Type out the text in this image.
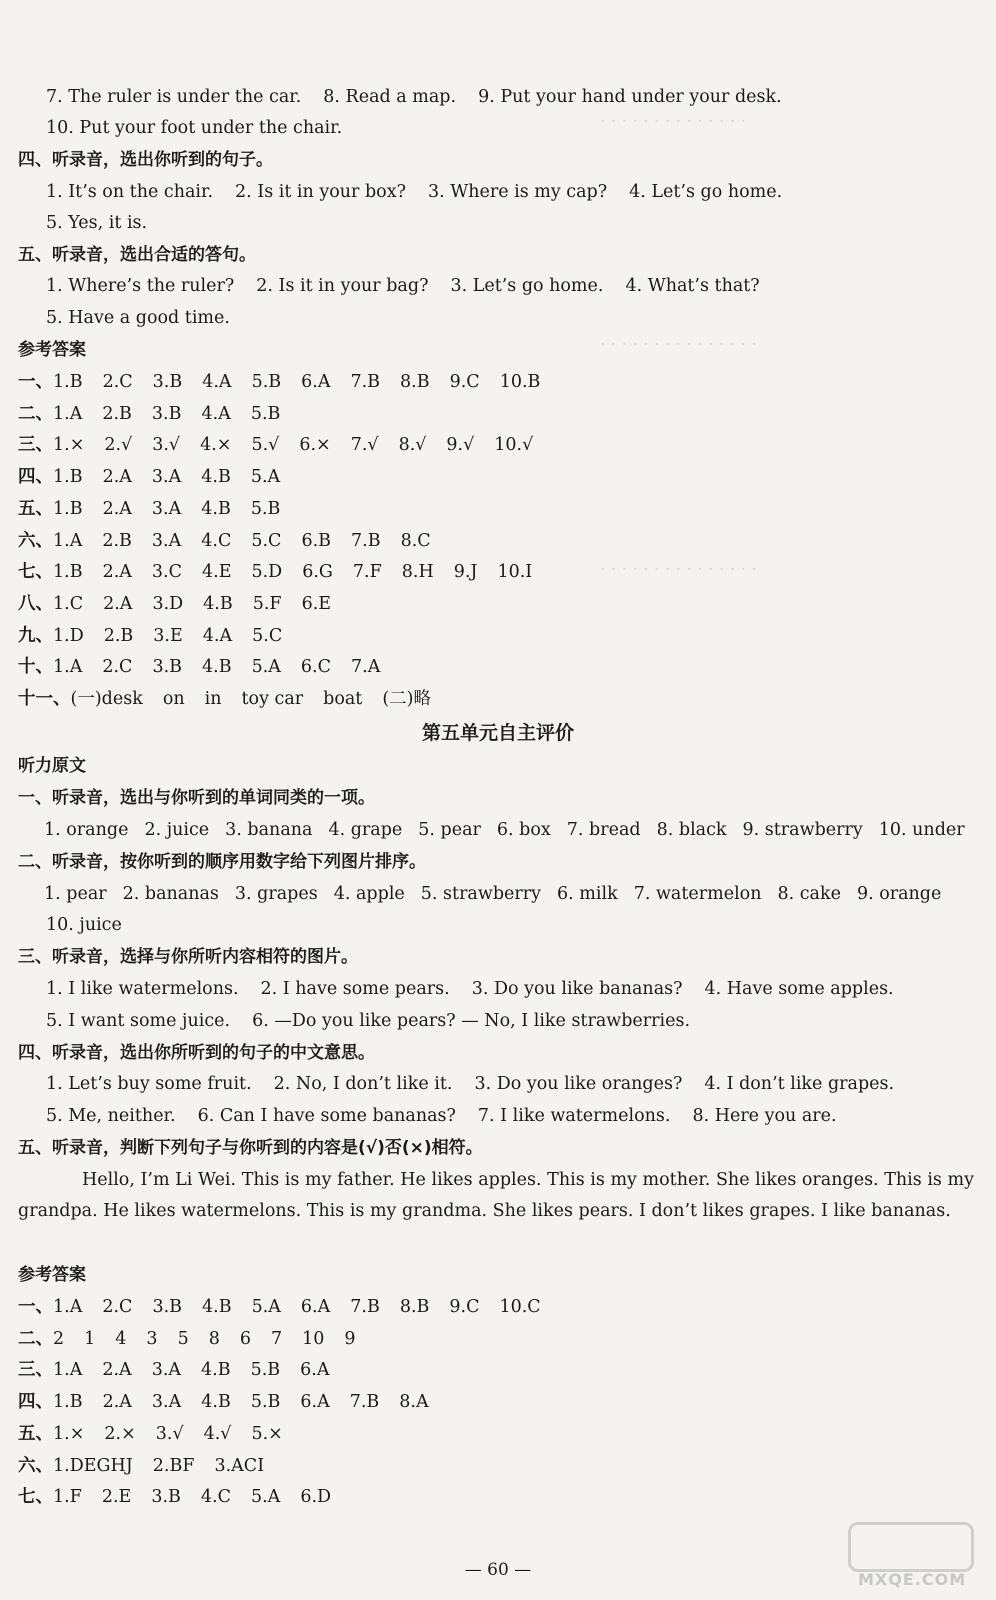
· · · · · · · · · · · · · ·
· · · · · · · · · · · · · · ·
· · · · · · · · · · · · · · ·
7. The ruler is under the car. 8. Read a map. 9. Put your hand under your desk.
10. Put your foot under the chair.
四、听录音，选出你听到的句子。
1. It’s on the chair. 2. Is it in your box? 3. Where is my cap? 4. Let’s go home.
5. Yes, it is.
五、听录音，选出合适的答句。
1. Where’s the ruler? 2. Is it in your bag? 3. Let’s go home. 4. What’s that?
5. Have a good time.
参考答案
一、1.B 2.C 3.B 4.A 5.B 6.A 7.B 8.B 9.C 10.B
二、1.A 2.B 3.B 4.A 5.B
三、1.× 2.√ 3.√ 4.× 5.√ 6.× 7.√ 8.√ 9.√ 10.√
四、1.B 2.A 3.A 4.B 5.A
五、1.B 2.A 3.A 4.B 5.B
六、1.A 2.B 3.A 4.C 5.C 6.B 7.B 8.C
七、1.B 2.A 3.C 4.E 5.D 6.G 7.F 8.H 9.J 10.I
八、1.C 2.A 3.D 4.B 5.F 6.E
九、1.D 2.B 3.E 4.A 5.C
十、1.A 2.C 3.B 4.B 5.A 6.C 7.A
十一、(一)desk on in toy car boat (二)略
第五单元自主评价
听力原文
一、听录音，选出与你听到的单词同类的一项。
1. orange 2. juice 3. banana 4. grape 5. pear 6. box 7. bread 8. black 9. strawberry 10. under
二、听录音，按你听到的顺序用数字给下列图片排序。
1. pear 2. bananas 3. grapes 4. apple 5. strawberry 6. milk 7. watermelon 8. cake 9. orange
10. juice
三、听录音，选择与你所听内容相符的图片。
1. I like watermelons. 2. I have some pears. 3. Do you like bananas? 4. Have some apples.
5. I want some juice. 6. —Do you like pears? — No, I like strawberries.
四、听录音，选出你所听到的句子的中文意思。
1. Let’s buy some fruit. 2. No, I don’t like it. 3. Do you like oranges? 4. I don’t like grapes.
5. Me, neither. 6. Can I have some bananas? 7. I like watermelons. 8. Here you are.
五、听录音，判断下列句子与你听到的内容是(√)否(×)相符。
Hello, I’m Li Wei. This is my father. He likes apples. This is my mother. She likes oranges. This is my grandpa. He likes watermelons. This is my grandma. She likes pears. I don’t likes grapes. I like bananas.
参考答案
一、1.A 2.C 3.B 4.B 5.A 6.A 7.B 8.B 9.C 10.C
二、2 1 4 3 5 8 6 7 10 9
三、1.A 2.A 3.A 4.B 5.B 6.A
四、1.B 2.A 3.A 4.B 5.B 6.A 7.B 8.A
五、1.× 2.× 3.√ 4.√ 5.×
六、1.DEGHJ 2.BF 3.ACI
七、1.F 2.E 3.B 4.C 5.A 6.D
— 60 —	MXQE.COM
